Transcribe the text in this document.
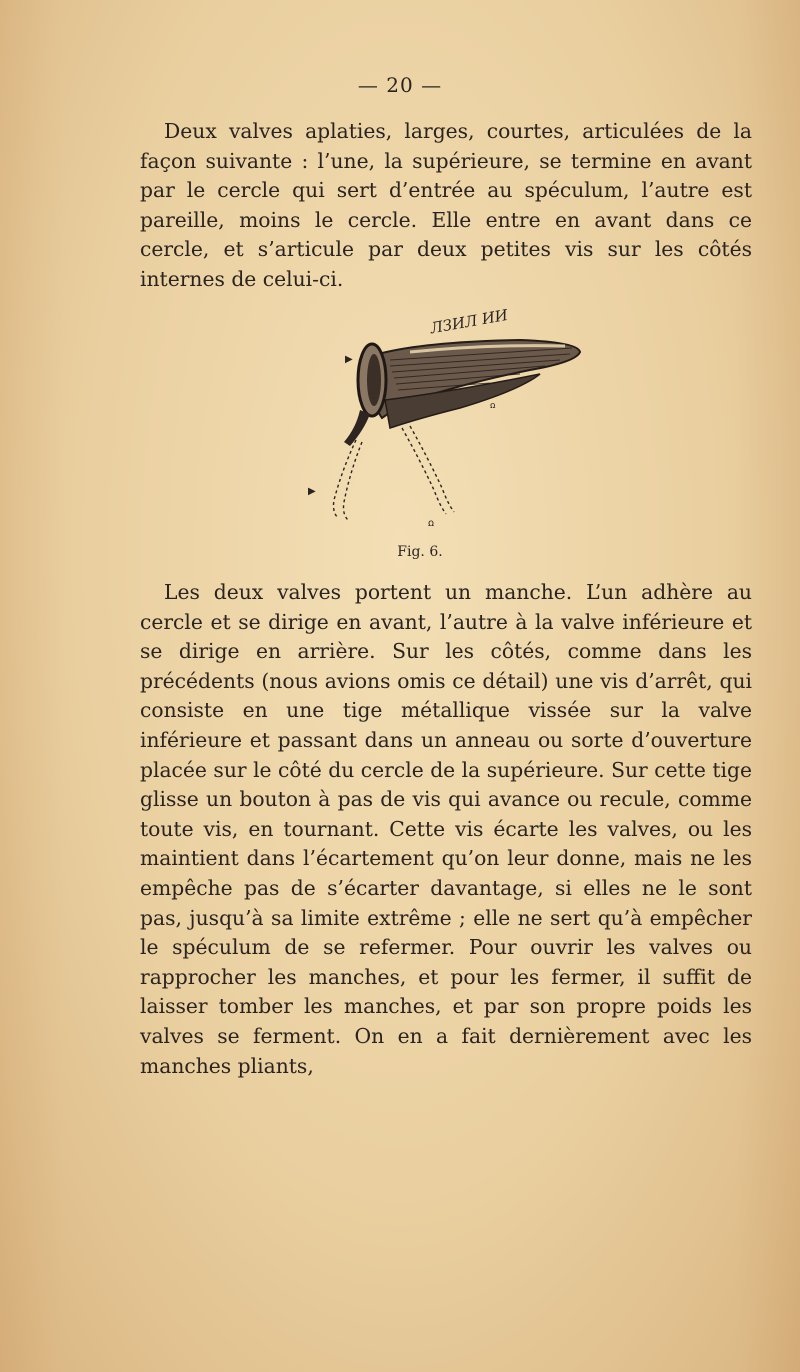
— 20 —

Deux valves aplaties, larges, courtes, articulées de la façon suivante : l’une, la supérieure, se termine en avant par le cercle qui sert d’entrée au spéculum, l’autre est pareille, moins le cercle. Elle entre en avant dans ce cercle, et s’articule par deux petites vis sur les côtés internes de celui-ci.

ЛЗИЛ ИИ
▶
ꭥ
▶
ꭥ
Fig. 6.

Les deux valves portent un manche. L’un adhère au cercle et se dirige en avant, l’autre à la valve inférieure et se dirige en arrière. Sur les côtés, comme dans les précédents (nous avions omis ce détail) une vis d’arrêt, qui consiste en une tige métallique vissée sur la valve inférieure et passant dans un anneau ou sorte d’ouverture placée sur le côté du cercle de la supérieure. Sur cette tige glisse un bouton à pas de vis qui avance ou recule, comme toute vis, en tournant. Cette vis écarte les valves, ou les maintient dans l’écartement qu’on leur donne, mais ne les empêche pas de s’écarter davantage, si elles ne le sont pas, jusqu’à sa limite extrême ; elle ne sert qu’à empêcher le spéculum de se refermer. Pour ouvrir les valves ou rapprocher les manches, et pour les fermer, il suffit de laisser tomber les manches, et par son propre poids les valves se ferment. On en a fait dernièrement avec les manches pliants,
